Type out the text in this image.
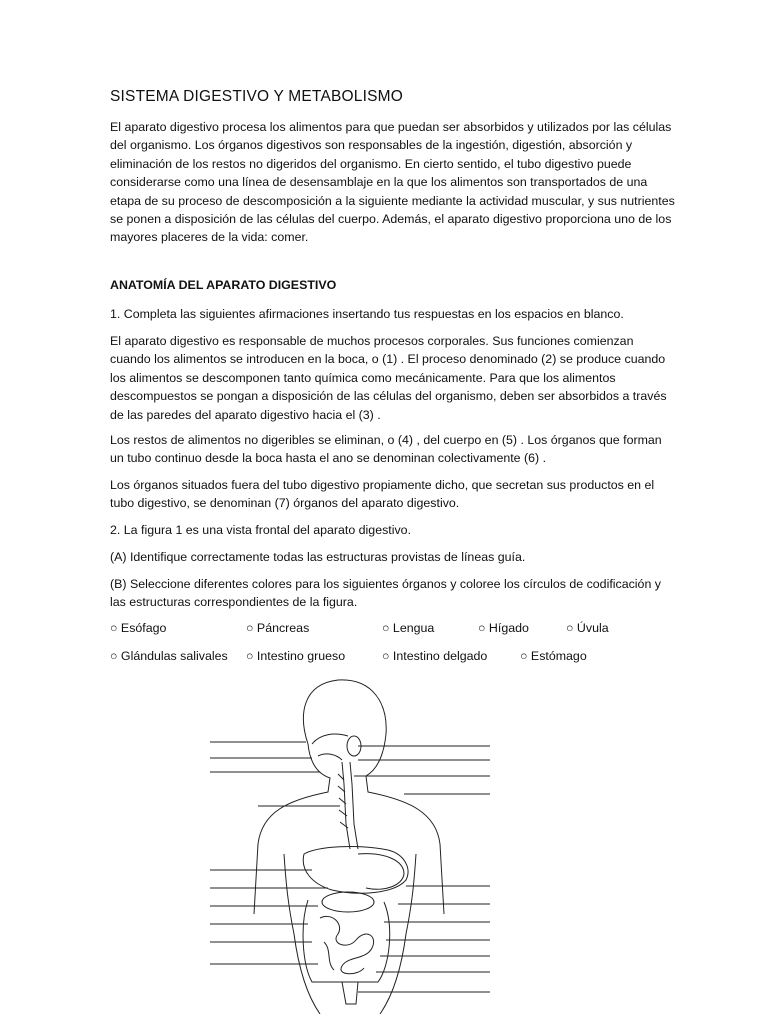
SISTEMA DIGESTIVO Y METABOLISMO

El aparato digestivo procesa los alimentos para que puedan ser absorbidos y utilizados por las células del organismo. Los órganos digestivos son responsables de la ingestión, digestión, absorción y eliminación de los restos no digeridos del organismo. En cierto sentido, el tubo digestivo puede considerarse como una línea de desensamblaje en la que los alimentos son transportados de una etapa de su proceso de descomposición a la siguiente mediante la actividad muscular, y sus nutrientes se ponen a disposición de las células del cuerpo. Además, el aparato digestivo proporciona uno de los mayores placeres de la vida: comer.

ANATOMÍA DEL APARATO DIGESTIVO

1. Completa las siguientes afirmaciones insertando tus respuestas en los espacios en blanco.

El aparato digestivo es responsable de muchos procesos corporales. Sus funciones comienzan cuando los alimentos se introducen en la boca, o (1) . El proceso denominado (2) se produce cuando los alimentos se descomponen tanto química como mecánicamente. Para que los alimentos descompuestos se pongan a disposición de las células del organismo, deben ser absorbidos a través de las paredes del aparato digestivo hacia el (3) .

Los restos de alimentos no digeribles se eliminan, o (4) , del cuerpo en (5) . Los órganos que forman un tubo continuo desde la boca hasta el ano se denominan colectivamente (6) .

Los órganos situados fuera del tubo digestivo propiamente dicho, que secretan sus productos en el tubo digestivo, se denominan (7) órganos del aparato digestivo.

2. La figura 1 es una vista frontal del aparato digestivo.

(A) Identifique correctamente todas las estructuras provistas de líneas guía.

(B) Seleccione diferentes colores para los siguientes órganos y coloree los círculos de codificación y las estructuras correspondientes de la figura.

○ Esófago	○ Páncreas	○ Lengua	○ Hígado	○ Úvula
○ Glándulas salivales ○ Intestino grueso	○ Intestino delgado	○ Estómago
